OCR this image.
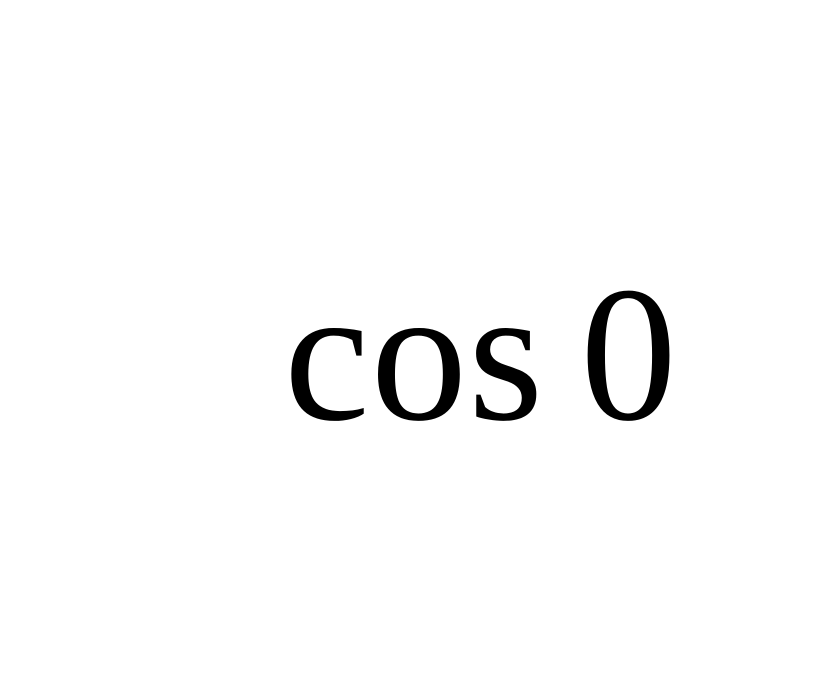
cos 0
